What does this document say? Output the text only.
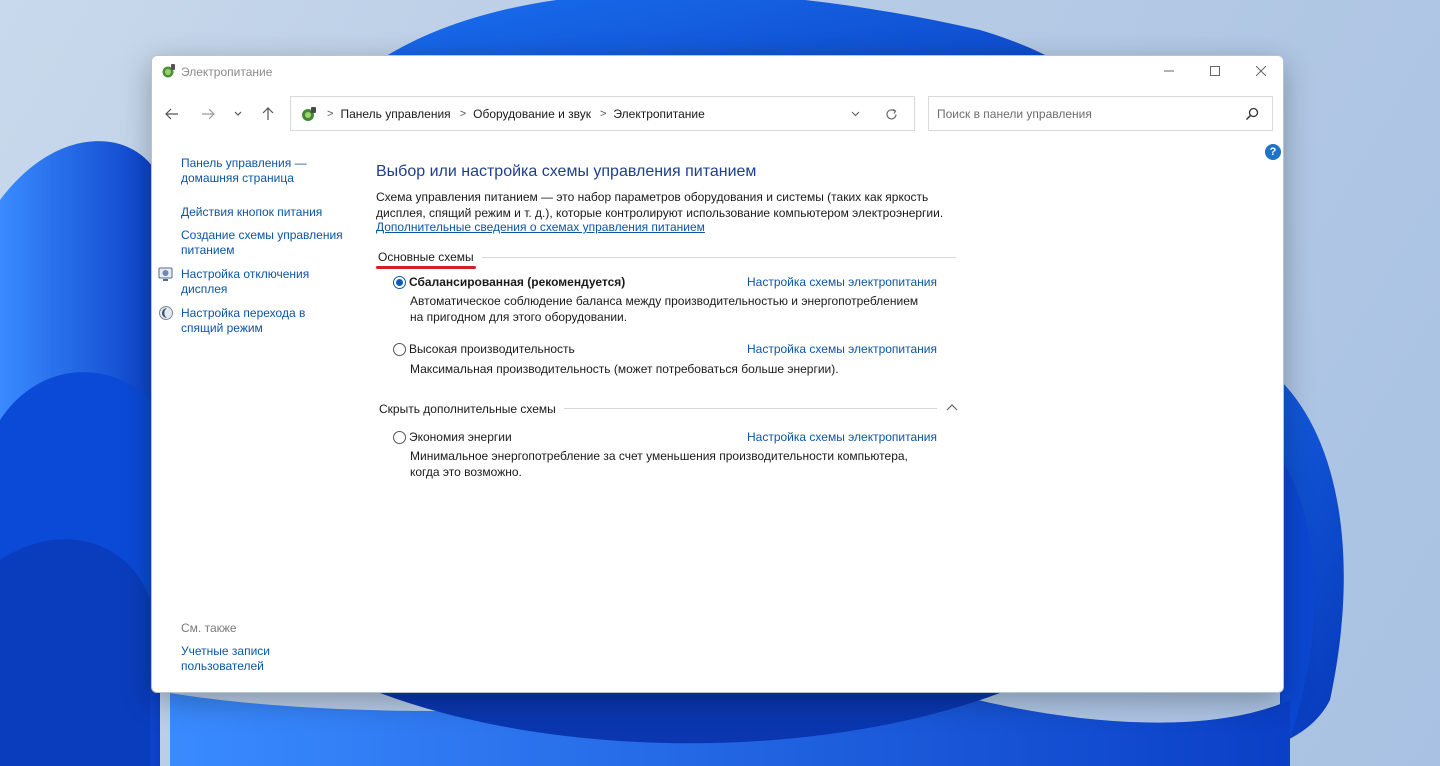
Электропитание
> Панель управления > Оборудование и звук > Электропитание
Поиск в панели управления
?
Панель управления —
домашняя страница
Действия кнопок питания
Создание схемы управления
питанием
Настройка отключения
дисплея
Настройка перехода в
спящий режим
См. также
Учетные записи
пользователей
Выбор или настройка схемы управления питанием
Схема управления питанием — это набор параметров оборудования и системы (таких как яркость
дисплея, спящий режим и т. д.), которые контролируют использование компьютером электроэнергии.
Дополнительные сведения о схемах управления питанием
Основные схемы
Сбалансированная (рекомендуется)	Настройка схемы электропитания
Автоматическое соблюдение баланса между производительностью и энергопотреблением
на пригодном для этого оборудовании.
Высокая производительность	Настройка схемы электропитания
Максимальная производительность (может потребоваться больше энергии).
Скрыть дополнительные схемы
Экономия энергии	Настройка схемы электропитания
Минимальное энергопотребление за счет уменьшения производительности компьютера,
когда это возможно.
